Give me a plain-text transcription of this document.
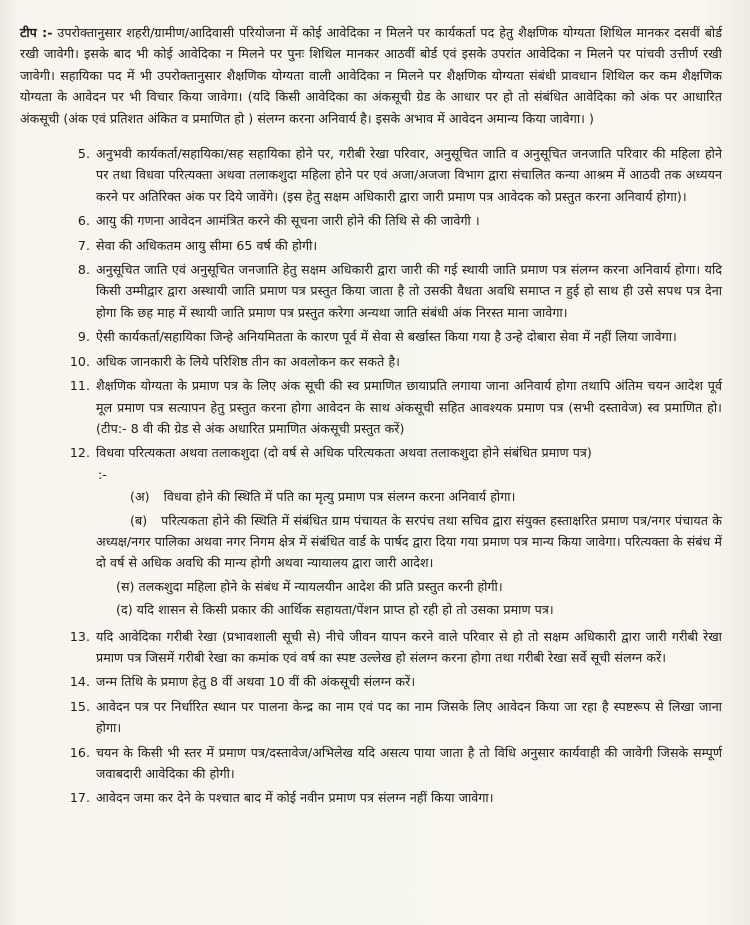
टीप :- उपरोक्तानुसार शहरी/ग्रामीण/आदिवासी परियोजना में कोई आवेदिका न मिलने पर कार्यकर्ता पद हेतु शैक्षणिक योग्यता शिथिल मानकर दसवीं बोर्ड रखी जावेगी। इसके बाद भी कोई आवेदिका न मिलने पर पुनः शिथिल मानकर आठवीं बोर्ड एवं इसके उपरांत आवेदिका न मिलने पर पांचवी उत्तीर्ण रखी जावेगी। सहायिका पद में भी उपरोक्तानुसार शैक्षणिक योग्यता वाली आवेदिका न मिलने पर शैक्षणिक योग्यता संबंधी प्रावधान शिथिल कर कम शैक्षणिक योग्यता के आवेदन पर भी विचार किया जावेगा। (यदि किसी आवेदिका का अंकसूची ग्रेड के आधार पर हो तो संबंधित आवेदिका को अंक पर आधारित अंकसूची (अंक एवं प्रतिशत अंकित व प्रमाणित हो ) संलग्न करना अनिवार्य है। इसके अभाव में आवेदन अमान्य किया जावेगा। )

5. अनुभवी कार्यकर्ता/सहायिका/सह सहायिका होने पर, गरीबी रेखा परिवार, अनुसूचित जाति व अनुसूचित जनजाति परिवार की महिला होने पर तथा विधवा परित्यक्ता अथवा तलाकशुदा महिला होने पर एवं अजा/अजजा विभाग द्वारा संचालित कन्या आश्रम में आठवी तक अध्ययन करने पर अतिरिक्त अंक पर दिये जावेंगे। (इस हेतु सक्षम अधिकारी द्वारा जारी प्रमाण पत्र आवेदक को प्रस्तुत करना अनिवार्य होगा)।
6. आयु की गणना आवेदन आमंत्रित करने की सूचना जारी होने की तिथि से की जावेगी ।
7. सेवा की अधिकतम आयु सीमा 65 वर्ष की होगी।
8. अनुसूचित जाति एवं अनुसूचित जनजाति हेतु सक्षम अधिकारी द्वारा जारी की गई स्थायी जाति प्रमाण पत्र संलग्न करना अनिवार्य होगा। यदि किसी उम्मीद्वार द्वारा अस्थायी जाति प्रमाण पत्र प्रस्तुत किया जाता है तो उसकी वैधता अवधि समाप्त न हुई हो साथ ही उसे सपथ पत्र देना होगा कि छह माह में स्थायी जाति प्रमाण पत्र प्रस्तुत करेगा अन्यथा जाति संबंधी अंक निरस्त माना जावेगा।
9. ऐसी कार्यकर्ता/सहायिका जिन्हे अनियमितता के कारण पूर्व में सेवा से बर्खास्त किया गया है उन्हे दोबारा सेवा में नहीं लिया जावेगा।
10. अधिक जानकारी के लिये परिशिष्ठ तीन का अवलोकन कर सकते है।
11. शैक्षणिक योग्यता के प्रमाण पत्र के लिए अंक सूची की स्व प्रमाणित छायाप्रति लगाया जाना अनिवार्य होगा तथापि अंतिम चयन आदेश पूर्व मूल प्रमाण पत्र सत्यापन हेतु प्रस्तुत करना होगा आवेदन के साथ अंकसूची सहित आवश्यक प्रमाण पत्र (सभी दस्तावेज) स्व प्रमाणित हो। (टीप:- 8 वी की ग्रेड से अंक अधारित प्रमाणित अंकसूची प्रस्तुत करें)
12. विधवा परित्यकता अथवा तलाकशुदा (दो वर्ष से अधिक परित्यकता अथवा तलाकशुदा होने संबंधित प्रमाण पत्र)
:-
(अ) विधवा होने की स्थिति में पति का मृत्यु प्रमाण पत्र संलग्न करना अनिवार्य होगा।
(ब) परित्यकता होने की स्थिति में संबंधित ग्राम पंचायत के सरपंच तथा सचिव द्वारा संयुक्त हस्ताक्षरित प्रमाण पत्र/नगर पंचायत के अध्यक्ष/नगर पालिका अथवा नगर निगम क्षेत्र में संबंधित वार्ड के पार्षद द्वारा दिया गया प्रमाण पत्र मान्य किया जावेगा। परित्यक्ता के संबंध में दो वर्ष से अधिक अवधि की मान्य होगी अथवा न्यायालय द्वारा जारी आदेश।
(स) तलकशुदा महिला होने के संबंध में न्यायलयीन आदेश की प्रति प्रस्तुत करनी होगी।
(द) यदि शासन से किसी प्रकार की आर्थिक सहायता/पेंशन प्राप्त हो रही हो तो उसका प्रमाण पत्र।
13. यदि आवेदिका गरीबी रेखा (प्रभावशाली सूची से) नीचे जीवन यापन करने वाले परिवार से हो तो सक्षम अधिकारी द्वारा जारी गरीबी रेखा प्रमाण पत्र जिसमें गरीबी रेखा का कमांक एवं वर्ष का स्पष्ट उल्लेख हो संलग्न करना होगा तथा गरीबी रेखा सर्वे सूची संलग्न करें।
14. जन्म तिथि के प्रमाण हेतु 8 वीं अथवा 10 वीं की अंकसूची संलग्न करें।
15. आवेदन पत्र पर निर्धारित स्थान पर पालना केन्द्र का नाम एवं पद का नाम जिसके लिए आवेदन किया जा रहा है स्पष्टरूप से लिखा जाना होगा।
16. चयन के किसी भी स्तर में प्रमाण पत्र/दस्तावेज/अभिलेख यदि असत्य पाया जाता है तो विधि अनुसार कार्यवाही की जावेगी जिसके सम्पूर्ण जवाबदारी आवेदिका की होगी।
17. आवेदन जमा कर देने के पश्चात बाद में कोई नवीन प्रमाण पत्र संलग्न नहीं किया जावेगा।
